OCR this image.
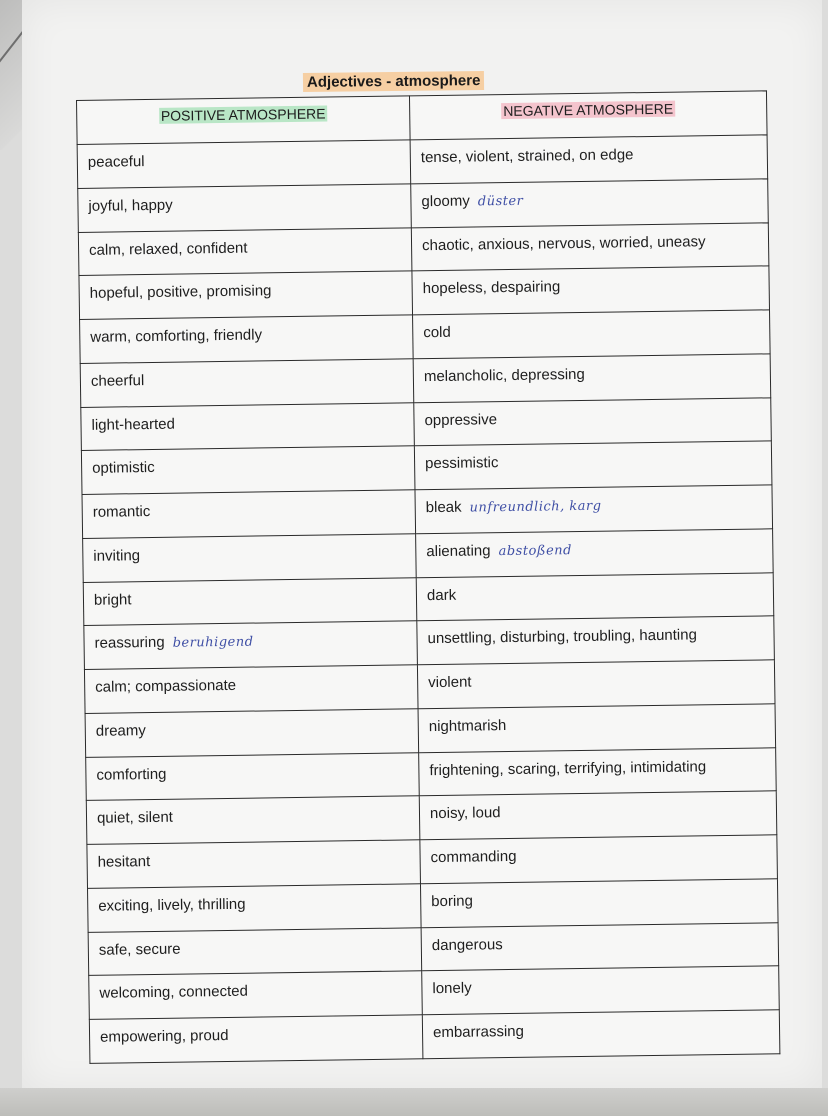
Adjectives - atmosphere
POSITIVE ATMOSPHERE	NEGATIVE ATMOSPHERE
peaceful	tense, violent, strained, on edge
joyful, happy	gloomy düster
calm, relaxed, confident	chaotic, anxious, nervous, worried, uneasy
hopeful, positive, promising	hopeless, despairing
warm, comforting, friendly	cold
cheerful	melancholic, depressing
light-hearted	oppressive
optimistic	pessimistic
romantic	bleak unfreundlich, karg
inviting	alienating abstoßend
bright	dark
reassuring beruhigend	unsettling, disturbing, troubling, haunting
calm; compassionate	violent
dreamy	nightmarish
comforting	frightening, scaring, terrifying, intimidating
quiet, silent	noisy, loud
hesitant	commanding
exciting, lively, thrilling	boring
safe, secure	dangerous
welcoming, connected	lonely
empowering, proud	embarrassing
